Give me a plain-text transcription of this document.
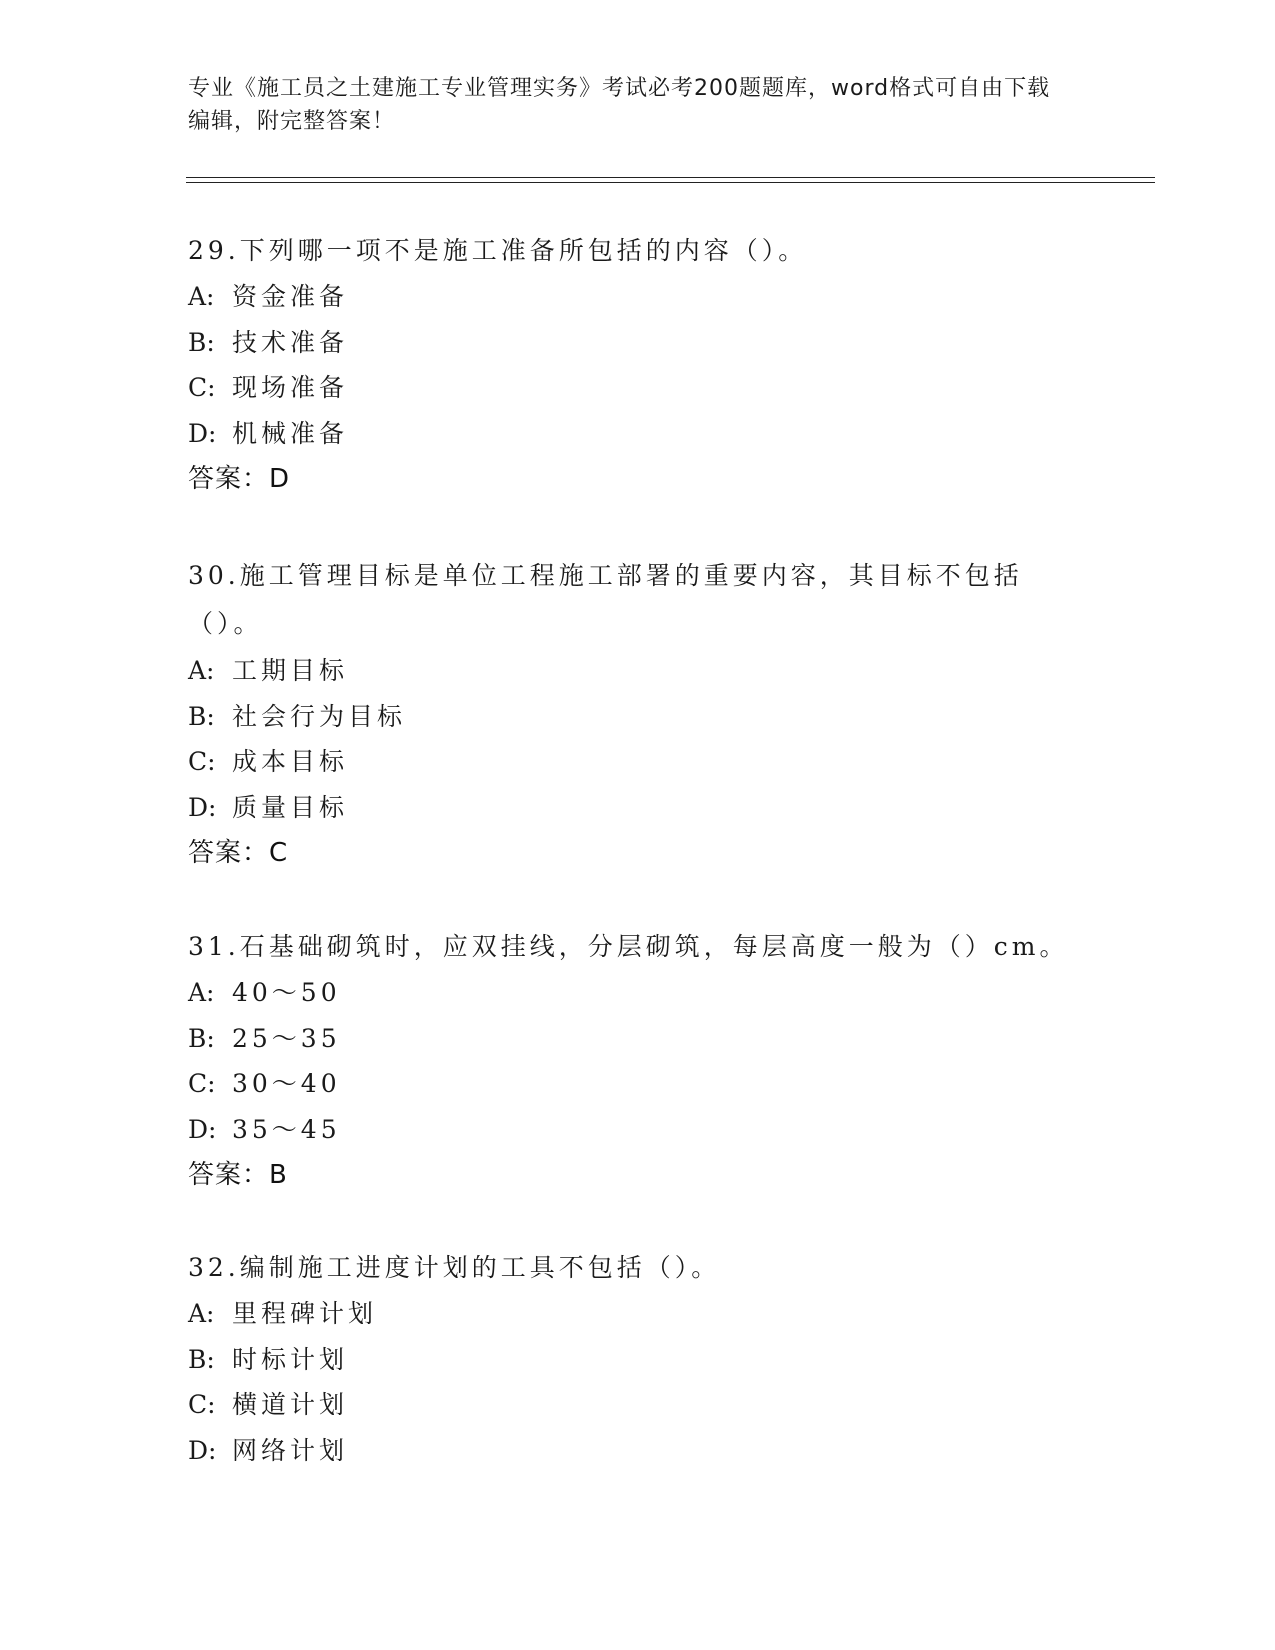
专业《施工员之土建施工专业管理实务》考试必考200题题库，word格式可自由下载编辑，附完整答案！
29.下列哪一项不是施工准备所包括的内容（）。
A: 资金准备
B: 技术准备
C: 现场准备
D: 机械准备
答案：D
30.施工管理目标是单位工程施工部署的重要内容，其目标不包括（）。
A: 工期目标
B: 社会行为目标
C: 成本目标
D: 质量目标
答案：C
31.石基础砌筑时，应双挂线，分层砌筑，每层高度一般为（）cm。
A: 40～50
B: 25～35
C: 30～40
D: 35～45
答案：B
32.编制施工进度计划的工具不包括（）。
A: 里程碑计划
B: 时标计划
C: 横道计划
D: 网络计划
